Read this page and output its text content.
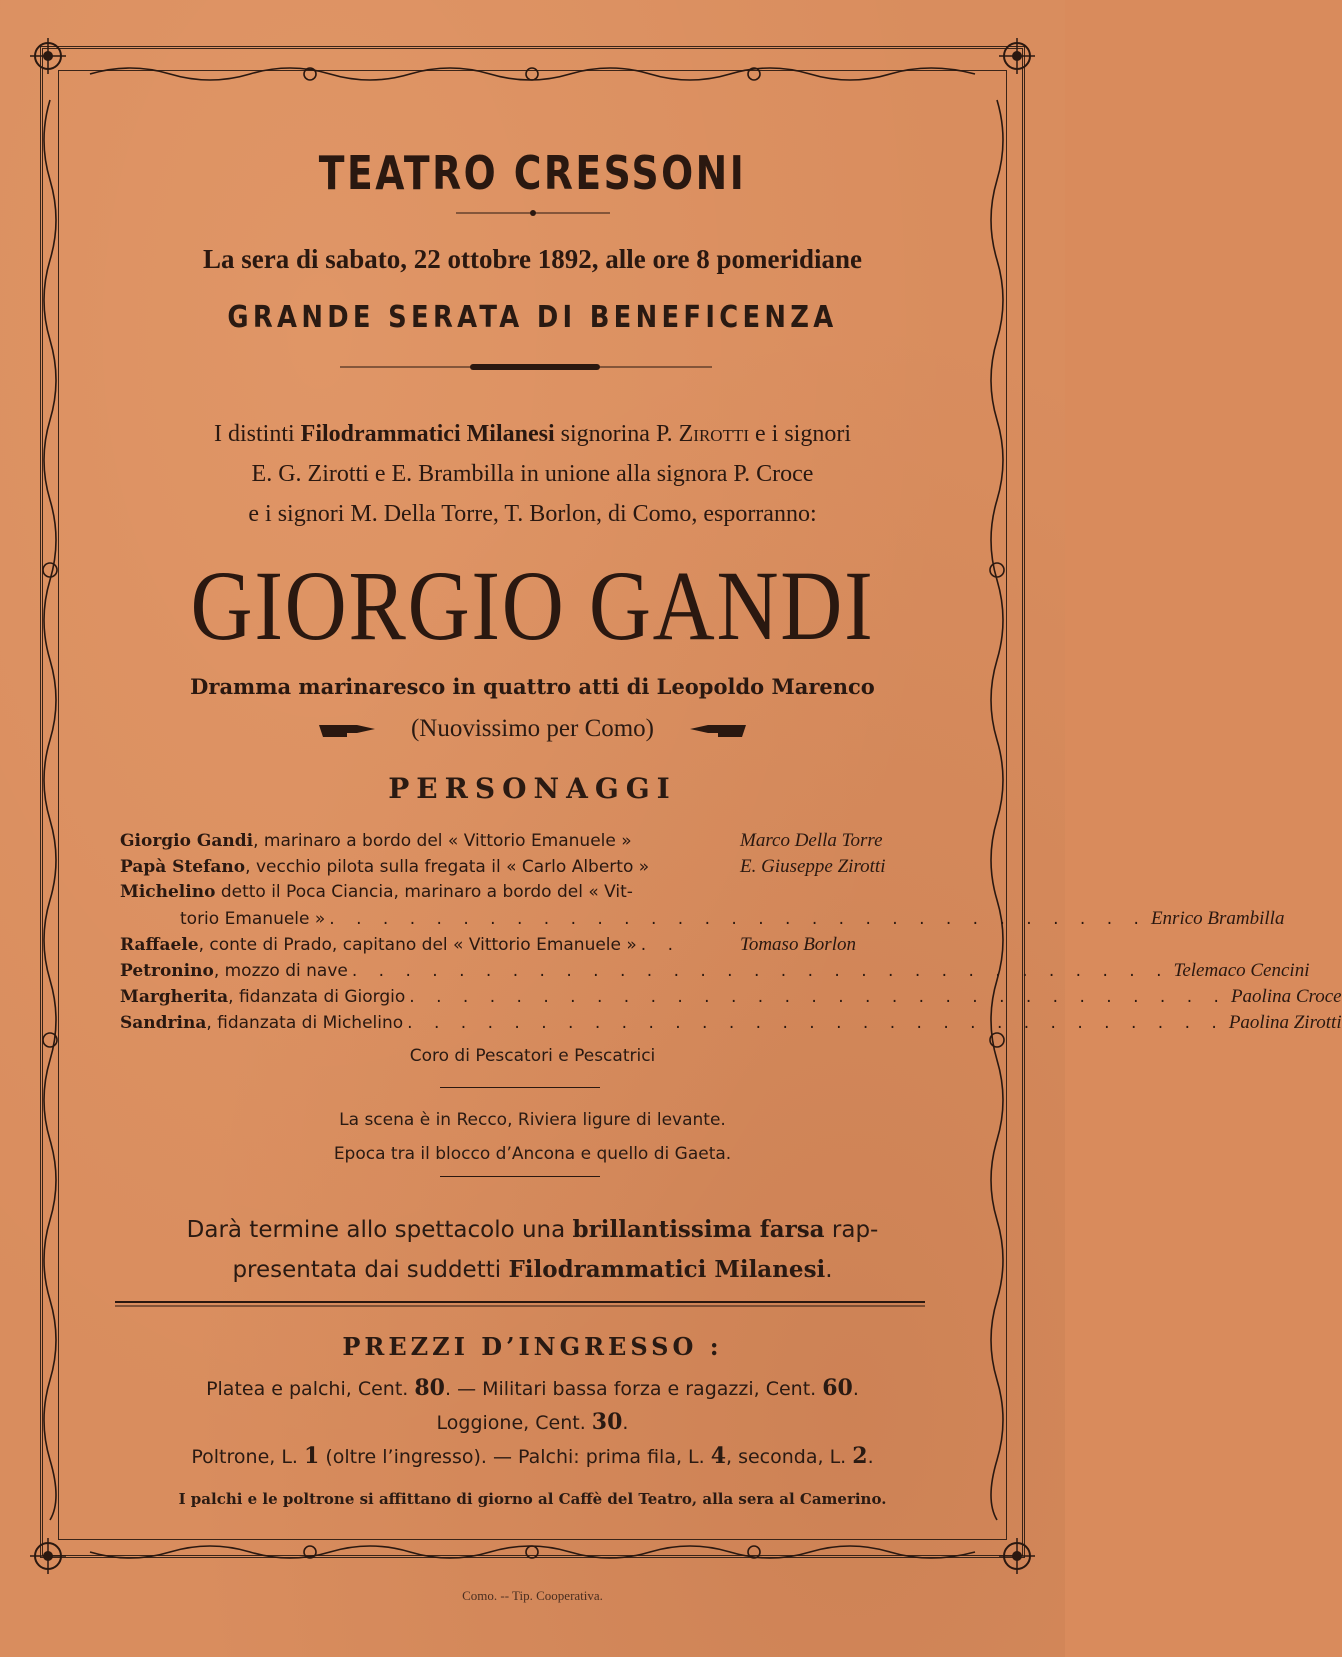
TEATRO CRESSONI
La sera di sabato, 22 ottobre 1892, alle ore 8 pomeridiane
GRANDE SERATA DI BENEFICENZA
I distinti Filodrammatici Milanesi signorina P. Zirotti e i signori
E. G. Zirotti e E. Brambilla in unione alla signora P. Croce
e i signori M. Della Torre, T. Borlon, di Como, esporranno:
GIORGIO GANDI
Dramma marinaresco in quattro atti di Leopoldo Marenco
(Nuovissimo per Como)
PERSONAGGI
Giorgio Gandi, marinaro a bordo del « Vittorio Emanuele »	Marco Della Torre
Papà Stefano, vecchio pilota sulla fregata il « Carlo Alberto »	E. Giuseppe Zirotti
Michelino detto il Poca Ciancia, marinaro a bordo del « Vit-
torio Emanuele » . . . . . . . . . . . . . . . . . . . . . . . . . . . . . . . Enrico Brambilla
Raffaele, conte di Prado, capitano del « Vittorio Emanuele » . .	Tomaso Borlon
Petronino, mozzo di nave . . . . . . . . . . . . . . . . . . . . . . . . . . . . . . . Telemaco Cencini
Margherita, fidanzata di Giorgio . . . . . . . . . . . . . . . . . . . . . . . . . . . . . . . Paolina Croce
Sandrina, fidanzata di Michelino . . . . . . . . . . . . . . . . . . . . . . . . . . . . . . . Paolina Zirotti
Coro di Pescatori e Pescatrici
La scena è in Recco, Riviera ligure di levante.
Epoca tra il blocco d’Ancona e quello di Gaeta.
Darà termine allo spettacolo una brillantissima farsa rap-
presentata dai suddetti Filodrammatici Milanesi.
PREZZI D’INGRESSO :
Platea e palchi, Cent. 80. — Militari bassa forza e ragazzi, Cent. 60.
Loggione, Cent. 30.
Poltrone, L. 1 (oltre l’ingresso). — Palchi: prima fila, L. 4, seconda, L. 2.
I palchi e le poltrone si affittano di giorno al Caffè del Teatro, alla sera al Camerino.
Como. -- Tip. Cooperativa.
